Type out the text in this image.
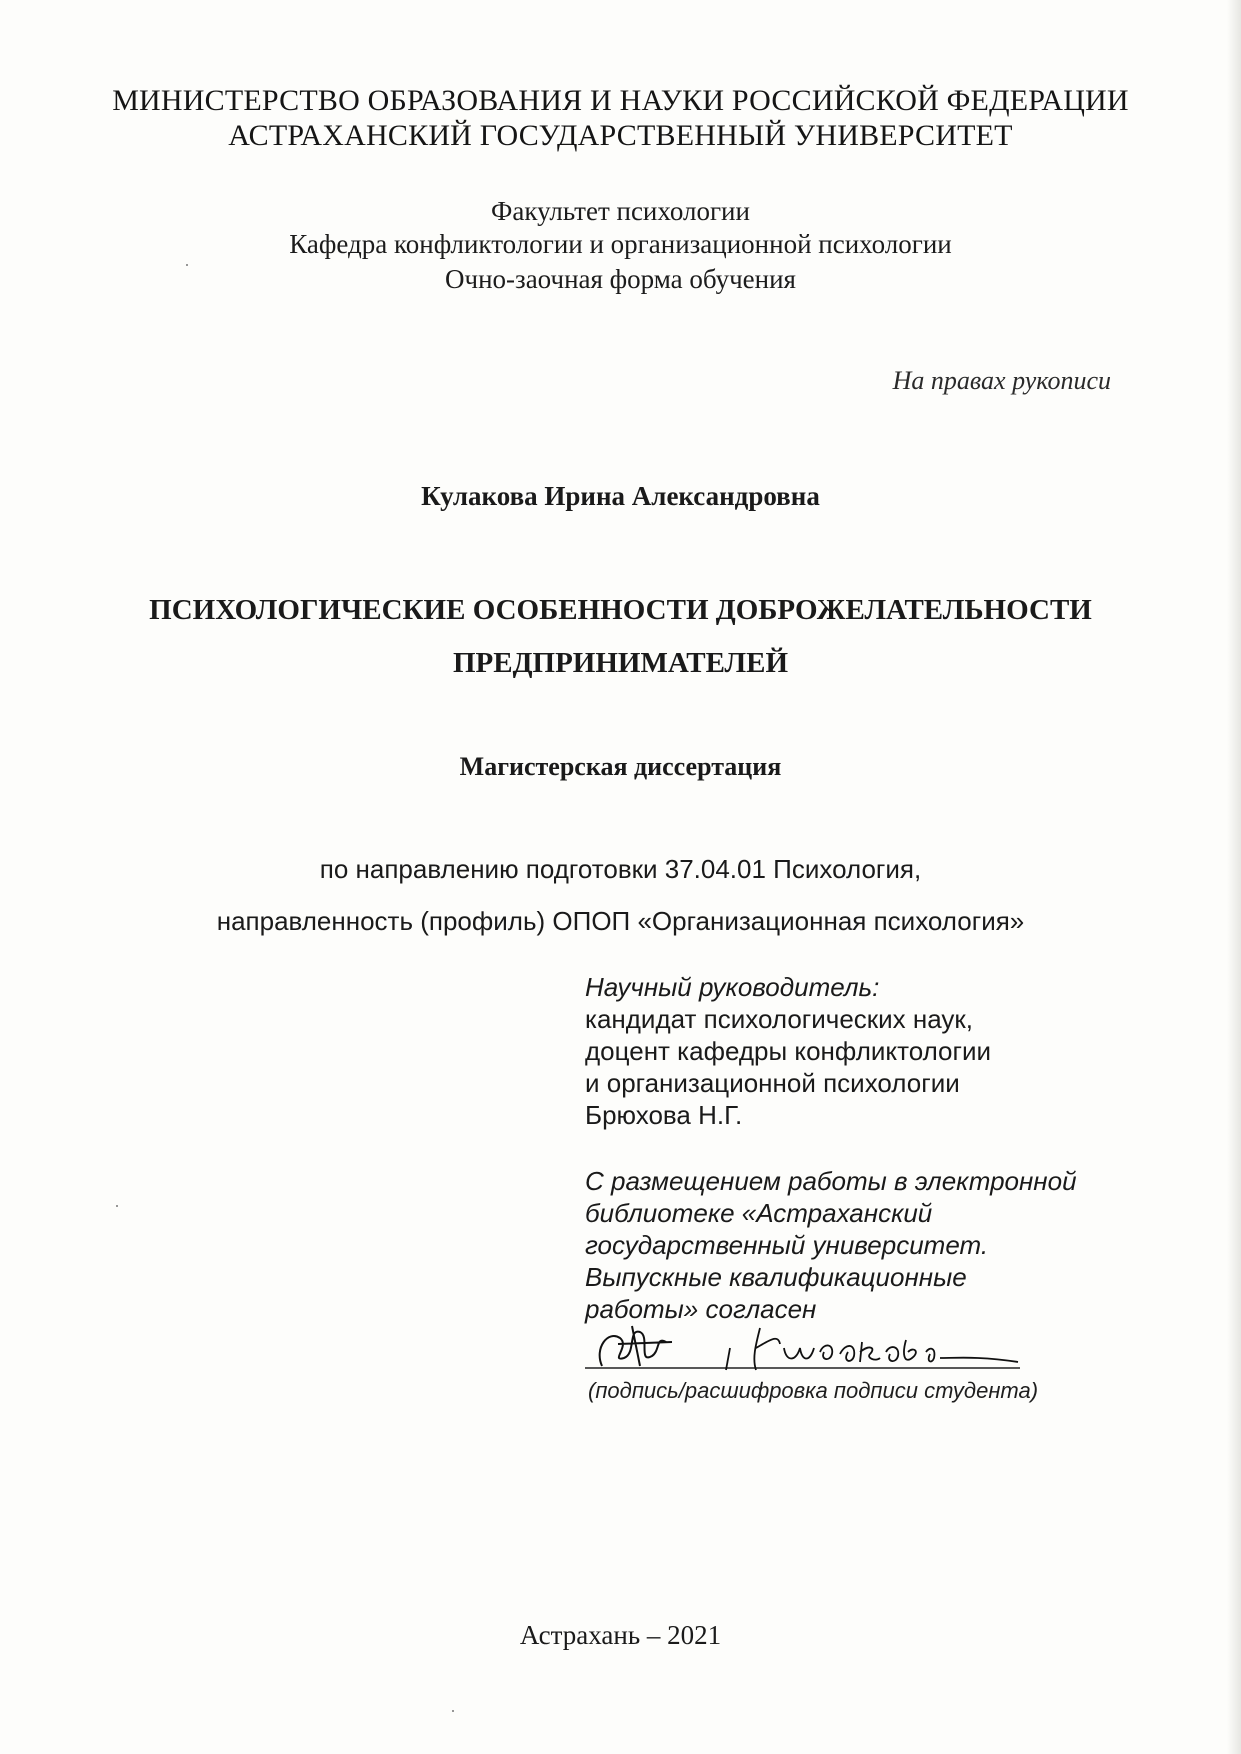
МИНИСТЕРСТВО ОБРАЗОВАНИЯ И НАУКИ РОССИЙСКОЙ ФЕДЕРАЦИИ
АСТРАХАНСКИЙ ГОСУДАРСТВЕННЫЙ УНИВЕРСИТЕТ
Факультет психологии
Кафедра конфликтологии и организационной психологии
Очно-заочная форма обучения
На правах рукописи
Кулакова Ирина Александровна
ПСИХОЛОГИЧЕСКИЕ ОСОБЕННОСТИ ДОБРОЖЕЛАТЕЛЬНОСТИ
ПРЕДПРИНИМАТЕЛЕЙ
Магистерская диссертация
по направлению подготовки 37.04.01 Психология,
направленность (профиль) ОПОП «Организационная психология»
Научный руководитель:
кандидат психологических наук,
доцент кафедры конфликтологии
и организационной психологии
Брюхова Н.Г.
С размещением работы в электронной
библиотеке «Астраханский
государственный университет.
Выпускные квалификационные
работы» согласен
(подпись/расшифровка подписи студента)
Астрахань – 2021
